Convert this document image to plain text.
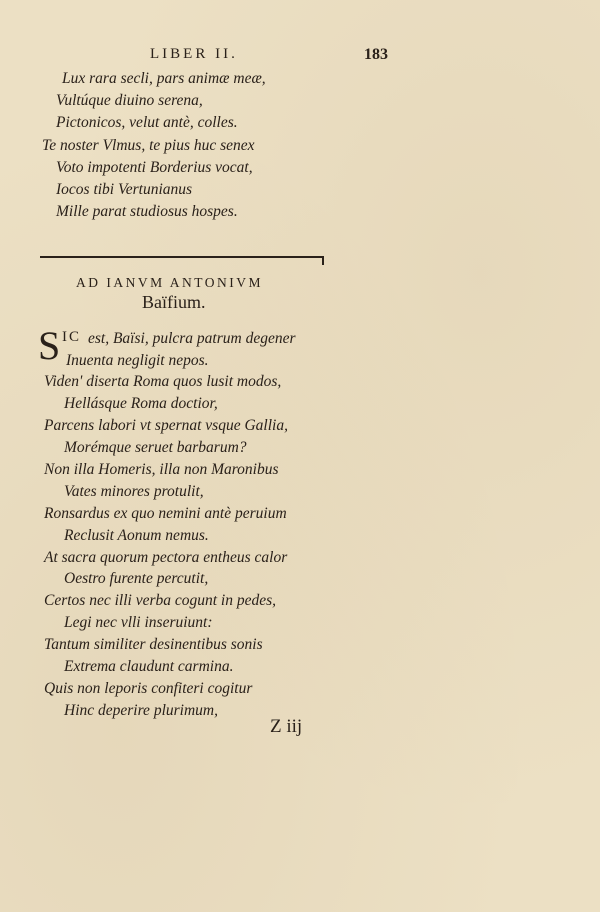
LIBER II.	183
Lux rara secli, pars animæ meæ,
Vultúque diuino serena,
Pictonicos, velut antè, colles.
Te noster Vlmus, te pius huc senex
Voto impotenti Borderius vocat,
Iocos tibi Vertunianus
Mille parat studiosus hospes.
AD IANVM ANTONIVM
Baïfium.
S IC est, Baïsi, pulcra patrum degener
Inuenta negligit nepos.
Viden' diserta Roma quos lusit modos,
Hellásque Roma doctior,
Parcens labori vt spernat vsque Gallia,
Morémque seruet barbarum?
Non illa Homeris, illa non Maronibus
Vates minores protulit,
Ronsardus ex quo nemini antè peruium
Reclusit Aonum nemus.
At sacra quorum pectora entheus calor
Oestro furente percutit,
Certos nec illi verba cogunt in pedes,
Legi nec vlli inseruiunt:
Tantum similiter desinentibus sonis
Extrema claudunt carmina.
Quis non leporis confiteri cogitur
Hinc deperire plurimum,
Z iij
